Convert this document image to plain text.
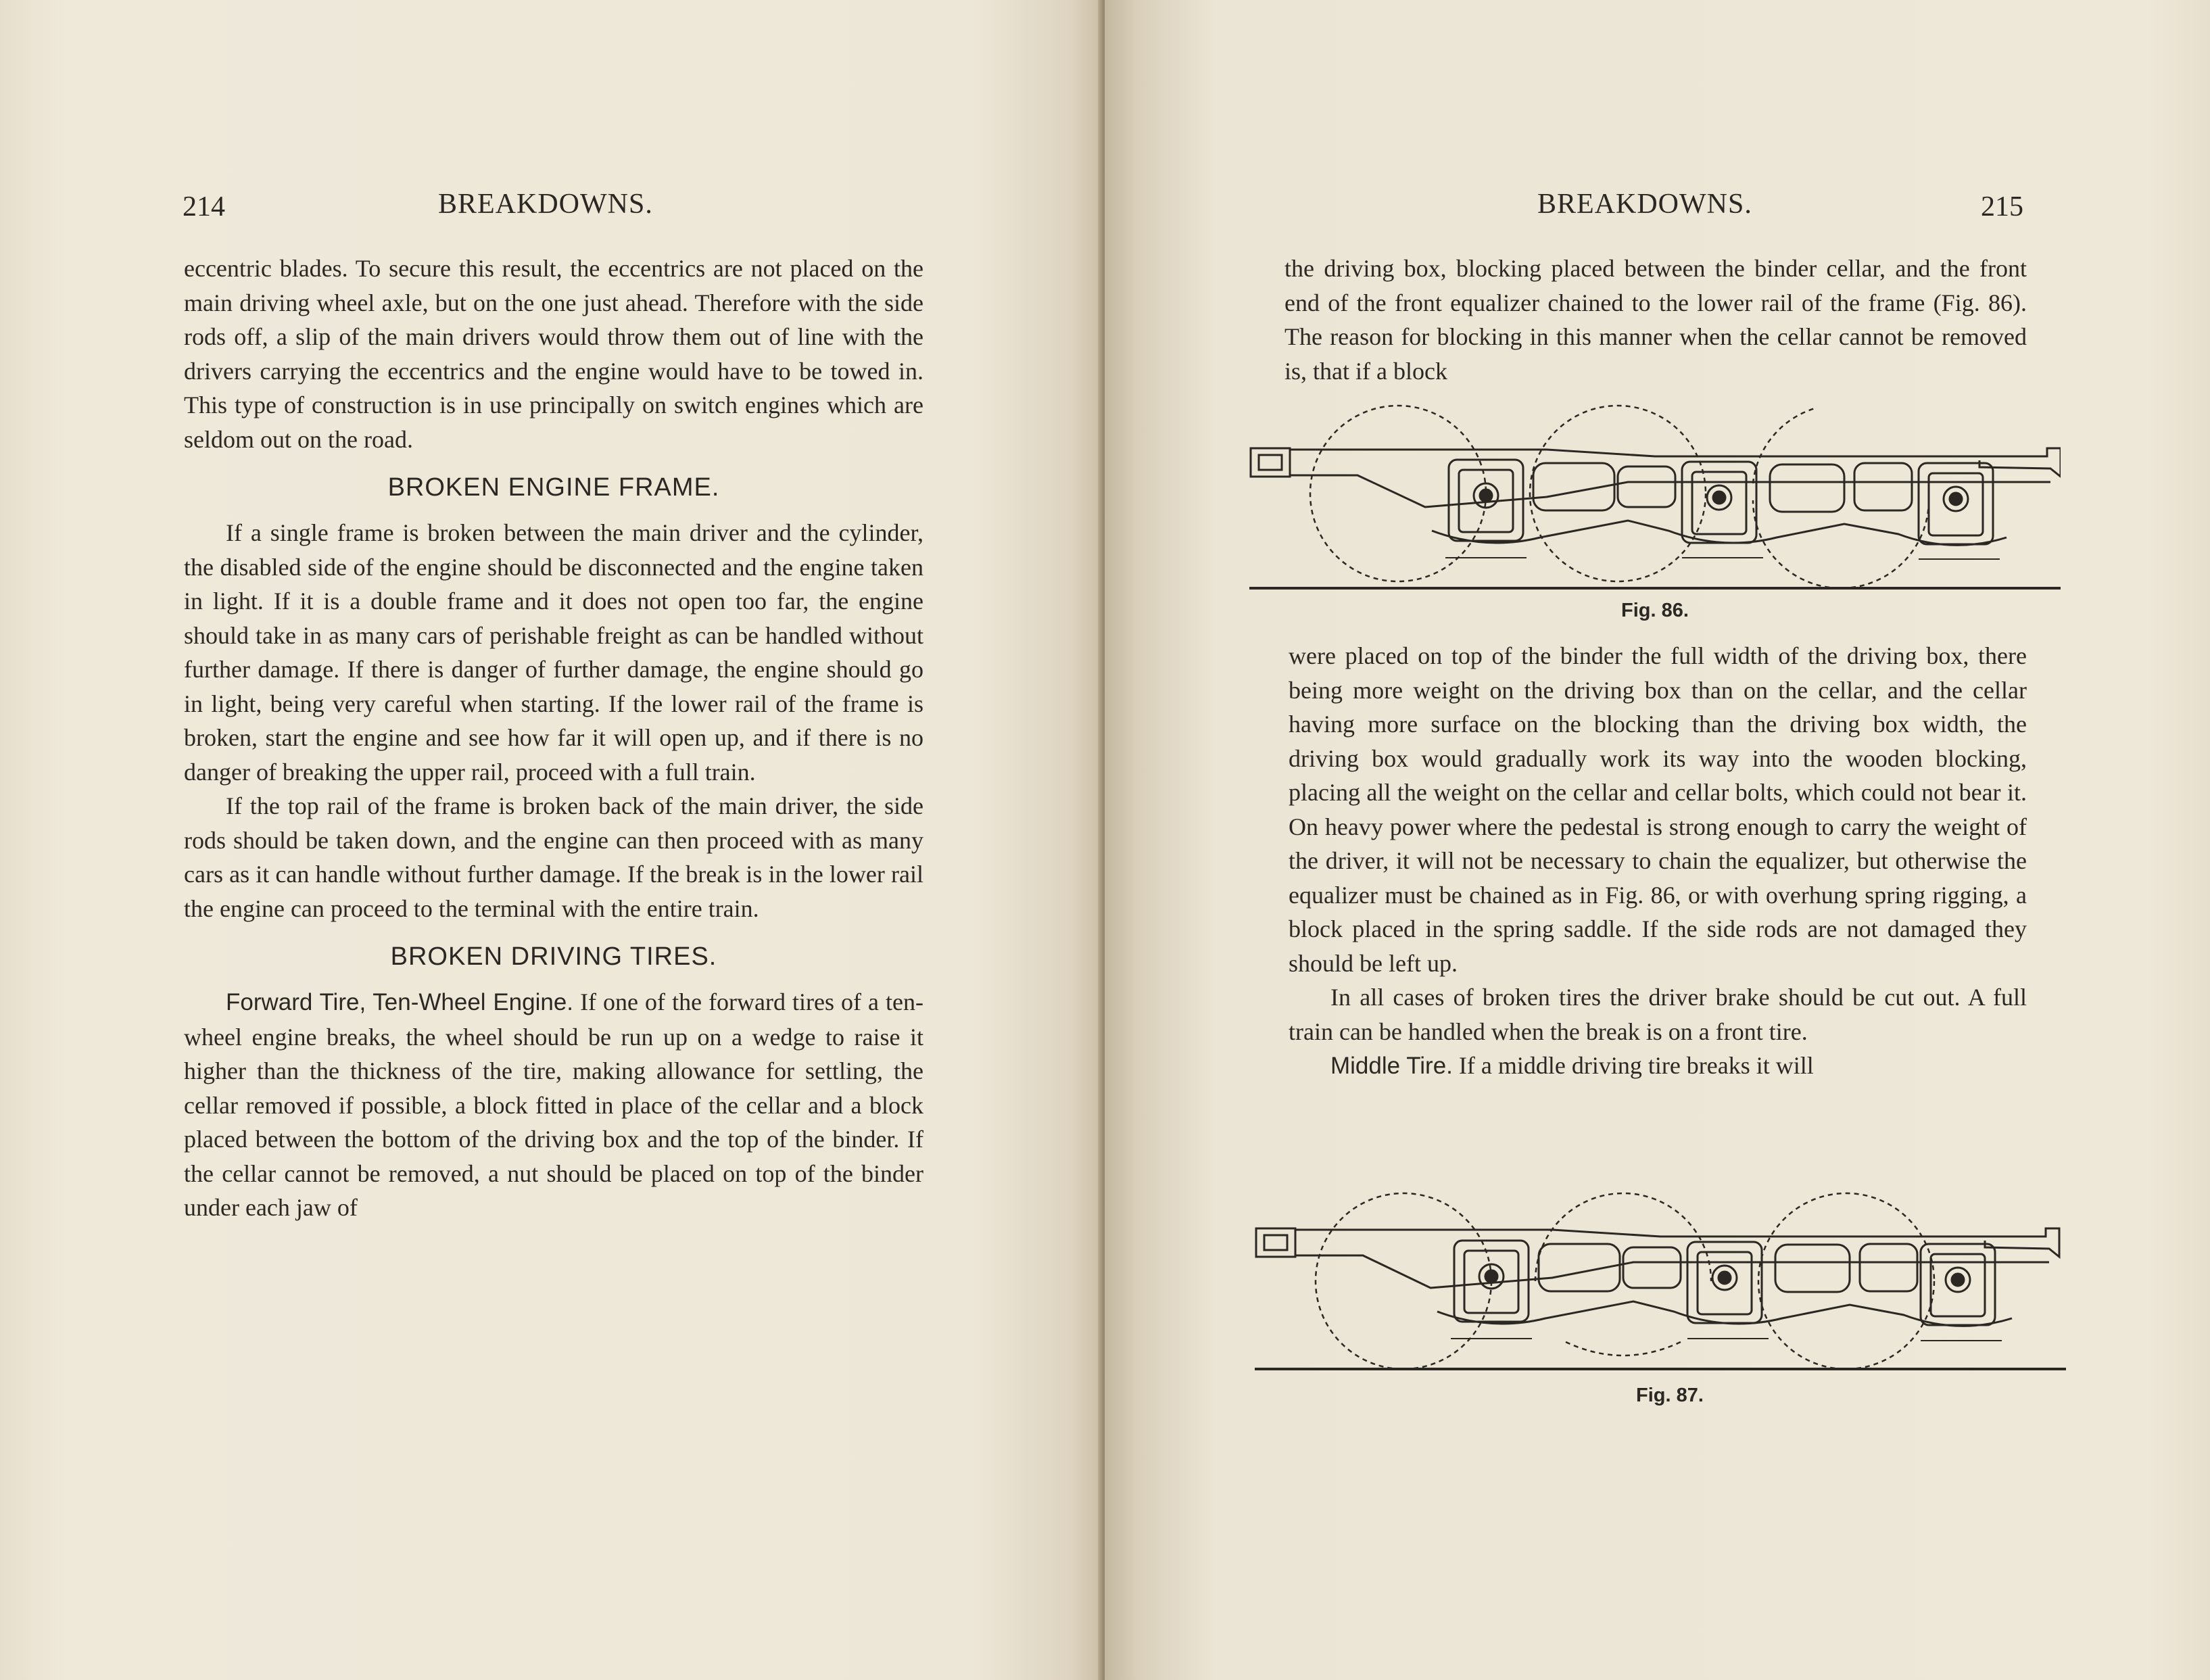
214	BREAKDOWNS.

eccentric blades. To secure this result, the eccentrics are not placed on the main driving wheel axle, but on the one just ahead. Therefore with the side rods off, a slip of the main drivers would throw them out of line with the drivers carrying the eccentrics and the engine would have to be towed in. This type of construction is in use principally on switch engines which are seldom out on the road.

BROKEN ENGINE FRAME.

If a single frame is broken between the main driver and the cylinder, the disabled side of the engine should be disconnected and the engine taken in light. If it is a double frame and it does not open too far, the engine should take in as many cars of perishable freight as can be handled without further damage. If there is danger of further damage, the engine should go in light, being very careful when starting. If the lower rail of the frame is broken, start the engine and see how far it will open up, and if there is no danger of breaking the upper rail, proceed with a full train.

If the top rail of the frame is broken back of the main driver, the side rods should be taken down, and the engine can then proceed with as many cars as it can handle without further damage. If the break is in the lower rail the engine can proceed to the terminal with the entire train.

BROKEN DRIVING TIRES.

Forward Tire, Ten-Wheel Engine. If one of the forward tires of a ten-wheel engine breaks, the wheel should be run up on a wedge to raise it higher than the thickness of the tire, making allowance for settling, the cellar removed if possible, a block fitted in place of the cellar and a block placed between the bottom of the driving box and the top of the binder. If the cellar cannot be removed, a nut should be placed on top of the binder under each jaw of

BREAKDOWNS.	215

the driving box, blocking placed between the binder cellar, and the front end of the front equalizer chained to the lower rail of the frame (Fig. 86). The reason for blocking in this manner when the cellar cannot be removed is, that if a block

Fig. 86.

were placed on top of the binder the full width of the driving box, there being more weight on the driving box than on the cellar, and the cellar having more surface on the blocking than the driving box width, the driving box would gradually work its way into the wooden blocking, placing all the weight on the cellar and cellar bolts, which could not bear it. On heavy power where the pedestal is strong enough to carry the weight of the driver, it will not be necessary to chain the equalizer, but otherwise the equalizer must be chained as in Fig. 86, or with overhung spring rigging, a block placed in the spring saddle. If the side rods are not damaged they should be left up.

In all cases of broken tires the driver brake should be cut out. A full train can be handled when the break is on a front tire.

Middle Tire. If a middle driving tire breaks it will

Fig. 87.
